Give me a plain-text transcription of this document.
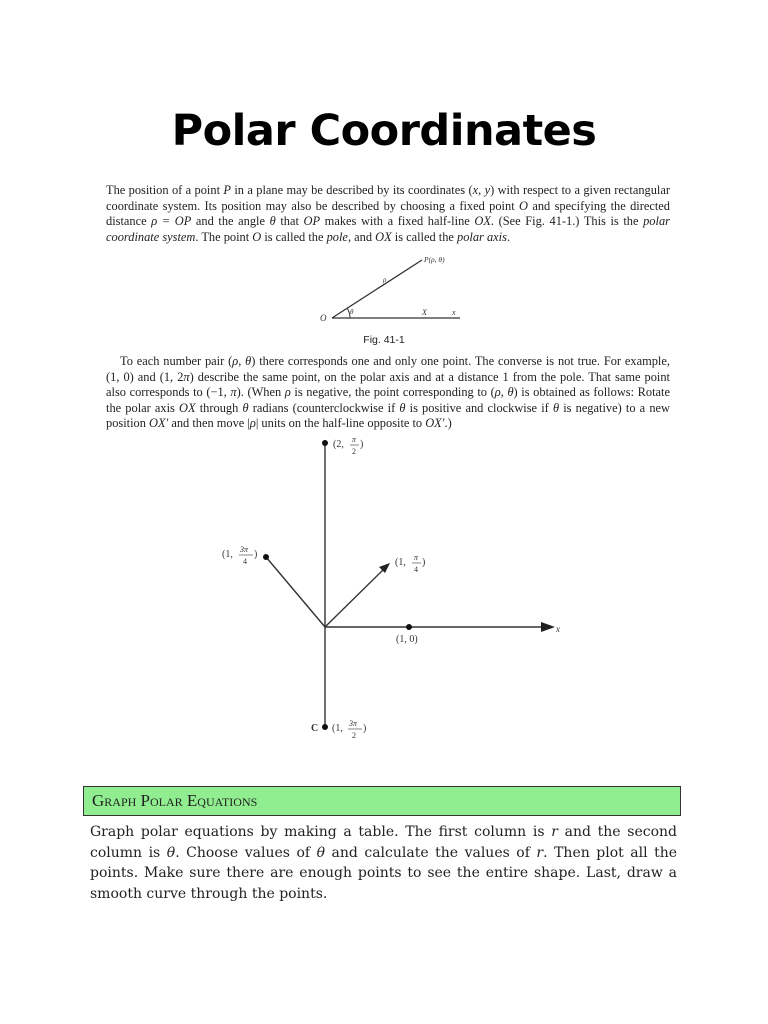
Polar Coordinates
The position of a point P in a plane may be described by its coordinates (x, y) with respect to a given rectangular coordinate system. Its position may also be described by choosing a fixed point O and specifying the directed distance ρ = OP and the angle θ that OP makes with a fixed half-line OX. (See Fig. 41-1.) This is the polar coordinate system. The point O is called the pole, and OX is called the polar axis.
O
P(ρ, θ)
ρ
θ	X	x
Fig. 41-1
To each number pair (ρ, θ) there corresponds one and only one point. The converse is not true. For example, (1, 0) and (1, 2π) describe the same point, on the polar axis and at a distance 1 from the pole. That same point also corresponds to (−1, π). (When ρ is negative, the point corresponding to (ρ, θ) is obtained as follows: Rotate the polar axis OX through θ radians (counterclockwise if θ is positive and clockwise if θ is negative) to a new position OX′ and then move |ρ| units on the half-line opposite to OX′.)
x
C
(2, π
2
)
(1, 3π
4
)
(1, π
4
)
(1, 0)
(1, 3π
2
)
Graph Polar Equations
Graph polar equations by making a table. The first column is r and the second column is θ. Choose values of θ and calculate the values of r. Then plot all the points. Make sure there are enough points to see the entire shape. Last, draw a smooth curve through the points.
